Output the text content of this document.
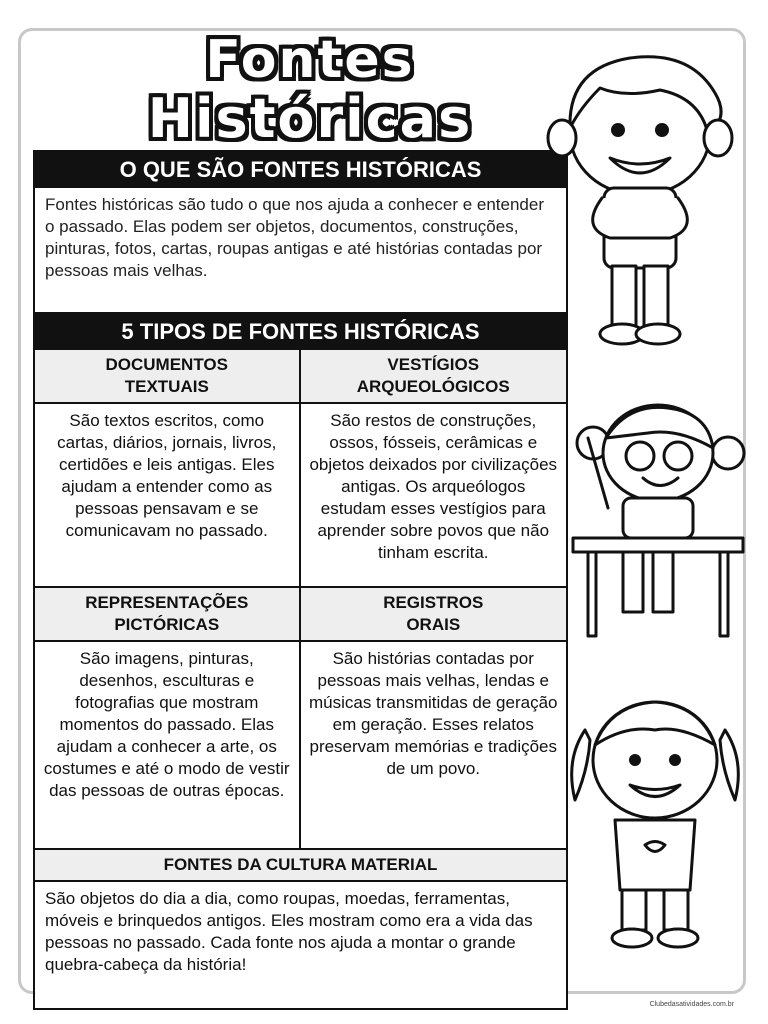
Fontes
Históricas
O QUE SÃO FONTES HISTÓRICAS
Fontes históricas são tudo o que nos ajuda a conhecer e entender o passado. Elas podem ser objetos, documentos, construções, pinturas, fotos, cartas, roupas antigas e até histórias contadas por pessoas mais velhas.
5 TIPOS DE FONTES HISTÓRICAS
DOCUMENTOS TEXTUAIS
São textos escritos, como cartas, diários, jornais, livros, certidões e leis antigas. Eles ajudam a entender como as pessoas pensavam e se comunicavam no passado.
VESTÍGIOS ARQUEOLÓGICOS
São restos de construções, ossos, fósseis, cerâmicas e objetos deixados por civilizações antigas. Os arqueólogos estudam esses vestígios para aprender sobre povos que não tinham escrita.
REPRESENTAÇÕES PICTÓRICAS
São imagens, pinturas, desenhos, esculturas e fotografias que mostram momentos do passado. Elas ajudam a conhecer a arte, os costumes e até o modo de vestir das pessoas de outras épocas.
REGISTROS ORAIS
São histórias contadas por pessoas mais velhas, lendas e músicas transmitidas de geração em geração. Esses relatos preservam memórias e tradições de um povo.
FONTES DA CULTURA MATERIAL
São objetos do dia a dia, como roupas, moedas, ferramentas, móveis e brinquedos antigos. Eles mostram como era a vida das pessoas no passado. Cada fonte nos ajuda a montar o grande quebra-cabeça da história!
Clubedasatividades.com.br
